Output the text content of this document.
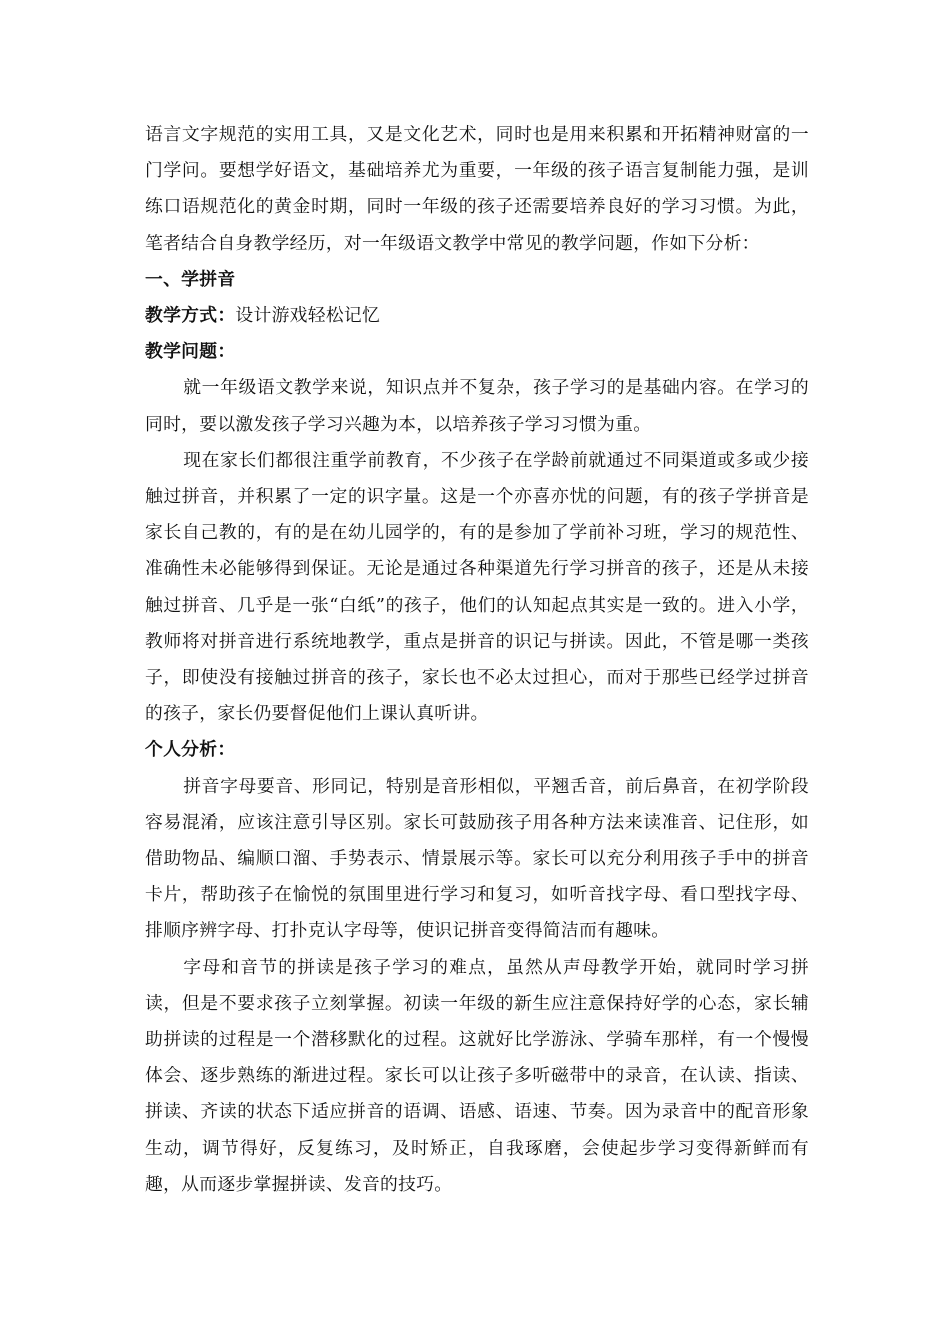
语言文字规范的实用工具，又是文化艺术，同时也是用来积累和开拓精神财富的一门学问。要想学好语文，基础培养尤为重要，一年级的孩子语言复制能力强，是训练口语规范化的黄金时期，同时一年级的孩子还需要培养良好的学习习惯。为此，笔者结合自身教学经历，对一年级语文教学中常见的教学问题，作如下分析：

一、学拼音

教学方式：设计游戏轻松记忆

教学问题：

就一年级语文教学来说，知识点并不复杂，孩子学习的是基础内容。在学习的同时，要以激发孩子学习兴趣为本，以培养孩子学习习惯为重。

现在家长们都很注重学前教育，不少孩子在学龄前就通过不同渠道或多或少接触过拼音，并积累了一定的识字量。这是一个亦喜亦忧的问题，有的孩子学拼音是家长自己教的，有的是在幼儿园学的，有的是参加了学前补习班，学习的规范性、准确性未必能够得到保证。无论是通过各种渠道先行学习拼音的孩子，还是从未接触过拼音、几乎是一张“白纸”的孩子，他们的认知起点其实是一致的。进入小学，教师将对拼音进行系统地教学，重点是拼音的识记与拼读。因此，不管是哪一类孩子，即使没有接触过拼音的孩子，家长也不必太过担心，而对于那些已经学过拼音的孩子，家长仍要督促他们上课认真听讲。

个人分析：

拼音字母要音、形同记，特别是音形相似，平翘舌音，前后鼻音，在初学阶段容易混淆，应该注意引导区别。家长可鼓励孩子用各种方法来读准音、记住形，如借助物品、编顺口溜、手势表示、情景展示等。家长可以充分利用孩子手中的拼音卡片，帮助孩子在愉悦的氛围里进行学习和复习，如听音找字母、看口型找字母、排顺序辨字母、打扑克认字母等，使识记拼音变得简洁而有趣味。

字母和音节的拼读是孩子学习的难点，虽然从声母教学开始，就同时学习拼读，但是不要求孩子立刻掌握。初读一年级的新生应注意保持好学的心态，家长辅助拼读的过程是一个潜移默化的过程。这就好比学游泳、学骑车那样，有一个慢慢体会、逐步熟练的渐进过程。家长可以让孩子多听磁带中的录音，在认读、指读、拼读、齐读的状态下适应拼音的语调、语感、语速、节奏。因为录音中的配音形象生动，调节得好，反复练习，及时矫正，自我琢磨，会使起步学习变得新鲜而有趣，从而逐步掌握拼读、发音的技巧。
